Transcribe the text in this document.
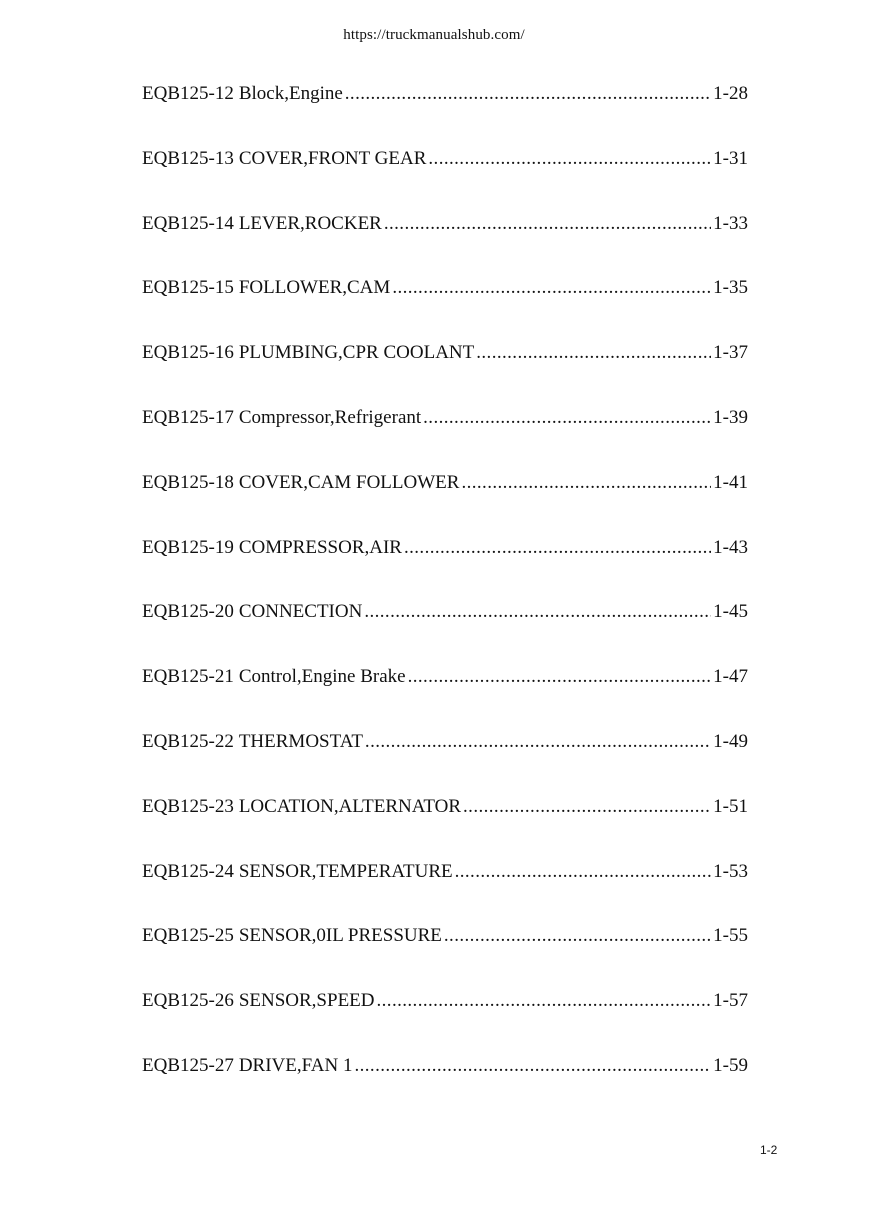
https://truckmanualshub.com/
EQB125-12 Block,Engine .....	1-28
EQB125-13 COVER,FRONT GEAR .....	1-31
EQB125-14 LEVER,ROCKER .....	1-33
EQB125-15 FOLLOWER,CAM .....	1-35
EQB125-16 PLUMBING,CPR COOLANT .....	1-37
EQB125-17 Compressor,Refrigerant .....	1-39
EQB125-18 COVER,CAM FOLLOWER .....	1-41
EQB125-19 COMPRESSOR,AIR .....	1-43
EQB125-20 CONNECTION .....	1-45
EQB125-21 Control,Engine Brake .....	1-47
EQB125-22 THERMOSTAT .....	1-49
EQB125-23 LOCATION,ALTERNATOR .....	1-51
EQB125-24 SENSOR,TEMPERATURE .....	1-53
EQB125-25 SENSOR,0IL PRESSURE .....	1-55
EQB125-26 SENSOR,SPEED .....	1-57
EQB125-27 DRIVE,FAN 1 .....	1-59
1-2
